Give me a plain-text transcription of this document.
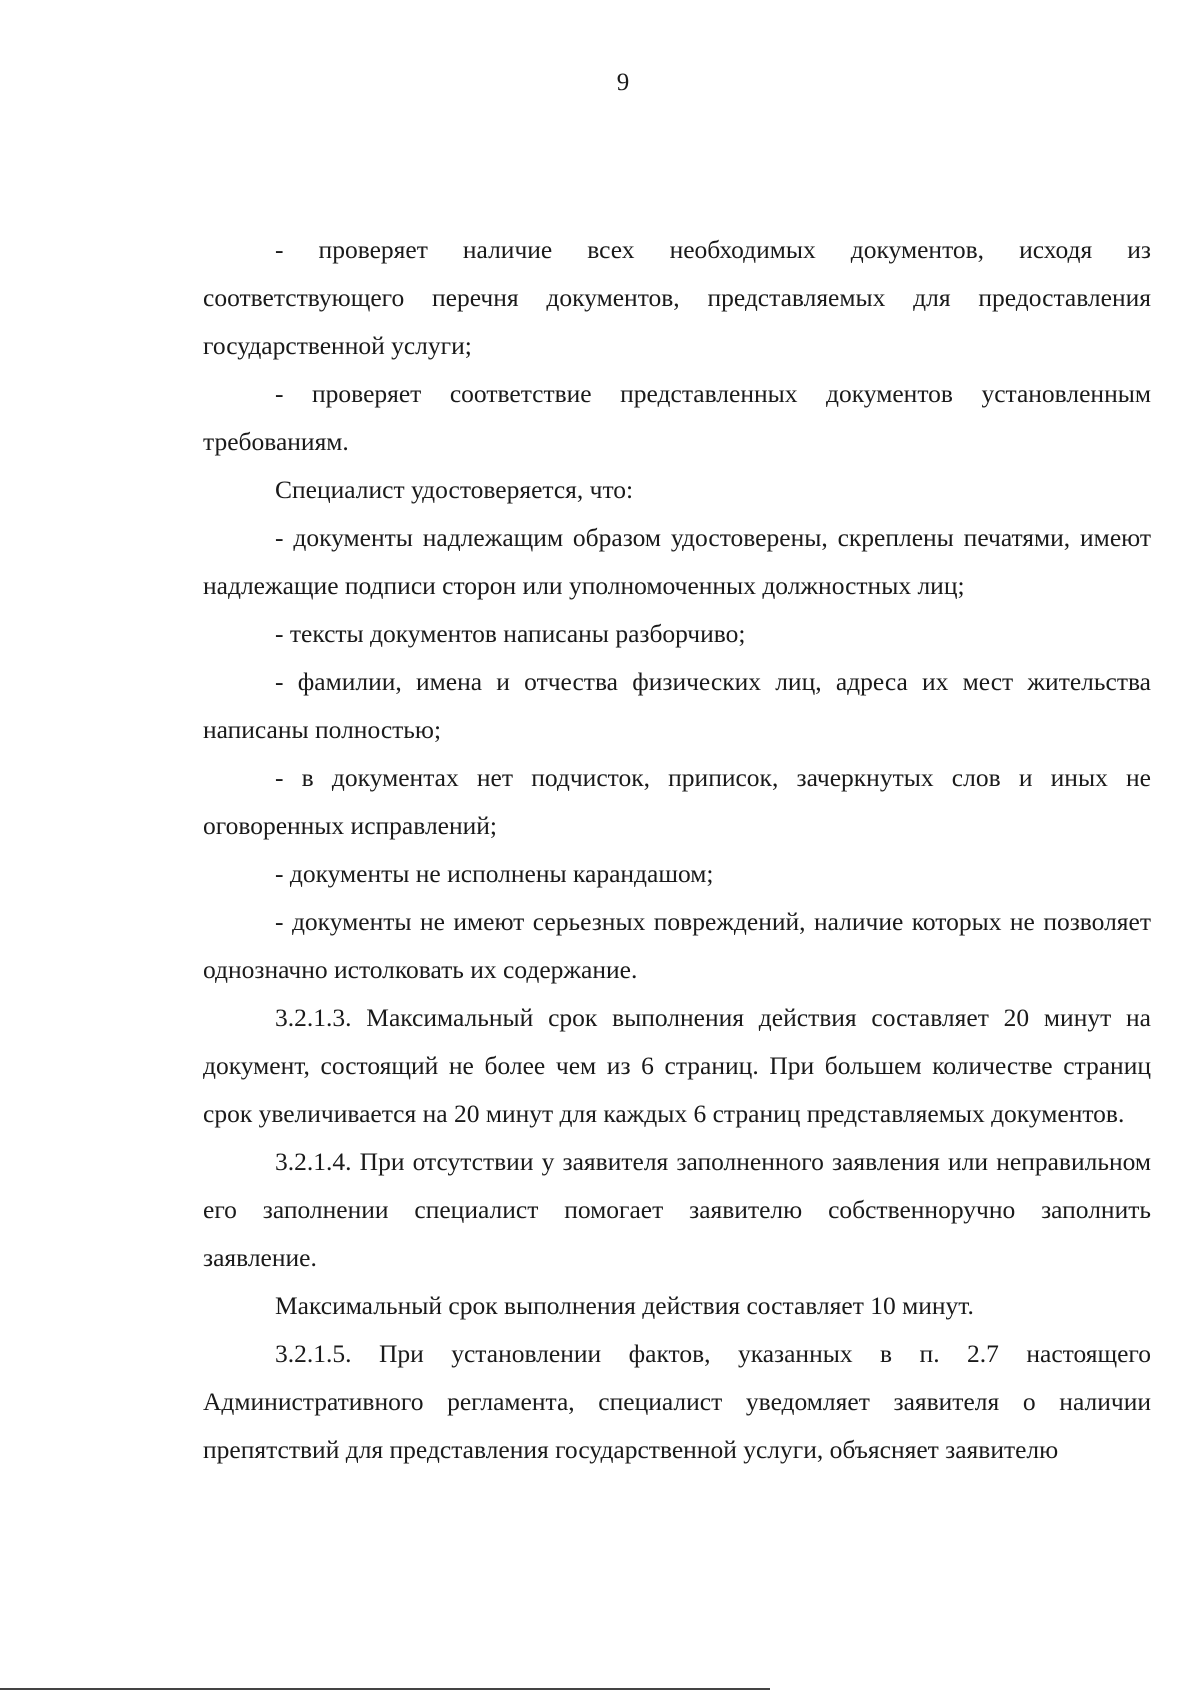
9

- проверяет наличие всех необходимых документов, исходя из соответствующего перечня документов, представляемых для предоставления государственной услуги;

- проверяет соответствие представленных документов установленным требованиям.

Специалист удостоверяется, что:

- документы надлежащим образом удостоверены, скреплены печатями, имеют надлежащие подписи сторон или уполномоченных должностных лиц;

- тексты документов написаны разборчиво;

- фамилии, имена и отчества физических лиц, адреса их мест жительства написаны полностью;

- в документах нет подчисток, приписок, зачеркнутых слов и иных не оговоренных исправлений;

- документы не исполнены карандашом;

- документы не имеют серьезных повреждений, наличие которых не позволяет однозначно истолковать их содержание.

3.2.1.3. Максимальный срок выполнения действия составляет 20 минут на документ, состоящий не более чем из 6 страниц. При большем количестве страниц срок увеличивается на 20 минут для каждых 6 страниц представляемых документов.

3.2.1.4. При отсутствии у заявителя заполненного заявления или неправильном его заполнении специалист помогает заявителю собственноручно заполнить заявление.

Максимальный срок выполнения действия составляет 10 минут.

3.2.1.5. При установлении фактов, указанных в п. 2.7 настоящего Административного регламента, специалист уведомляет заявителя о наличии препятствий для представления государственной услуги, объясняет заявителю
